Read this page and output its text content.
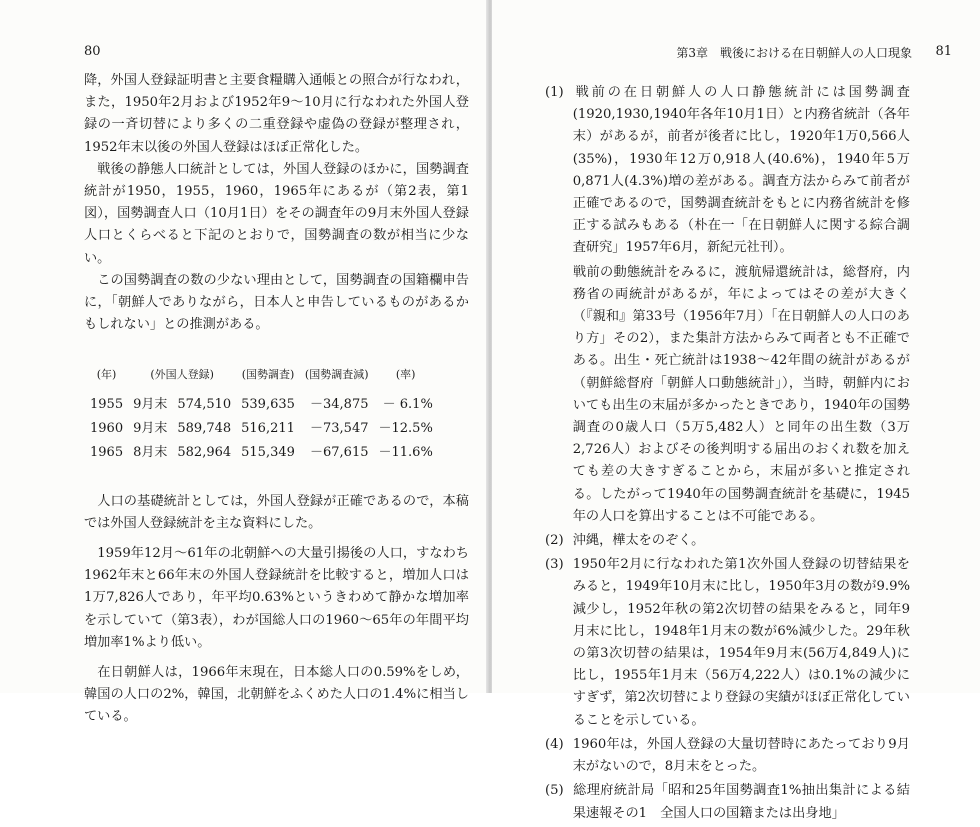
80

降，外国人登録証明書と主要食糧購入通帳との照合が行なわれ，また，1950年2月および1952年9～10月に行なわれた外国人登録の一斉切替により多くの二重登録や虚偽の登録が整理され，1952年末以後の外国人登録はほぼ正常化した。

戦後の静態人口統計としては，外国人登録のほかに，国勢調査統計が1950，1955，1960，1965年にあるが（第2表，第1図），国勢調査人口（10月1日）をその調査年の9月末外国人登録人口とくらべると下記のとおりで，国勢調査の数が相当に少ない。

この国勢調査の数の少ない理由として，国勢調査の国籍欄申告に，「朝鮮人でありながら，日本人と申告しているものがあるかもしれない」との推測がある。

(年)	(外国人登録)		(国勢調査)	(国勢調査減)	(率)
1955	9月末	574,510	539,635	－34,875	－ 6.1%
1960	9月末	589,748	516,211	－73,547	－12.5%
1965	8月末	582,964	515,349	－67,615	－11.6%

人口の基礎統計としては，外国人登録が正確であるので，本稿では外国人登録統計を主な資料にした。

1959年12月～61年の北朝鮮への大量引揚後の人口，すなわち1962年末と66年末の外国人登録統計を比較すると，増加人口は1万7,826人であり，年平均0.63%というきわめて静かな増加率を示していて（第3表），わが国総人口の1960～65年の年間平均増加率1%より低い。

在日朝鮮人は，1966年末現在，日本総人口の0.59%をしめ，韓国の人口の2%，韓国，北朝鮮をふくめた人口の1.4%に相当している。

第3章　戦後における在日朝鮮人の人口現象 81

(1) 戦前の在日朝鮮人の人口静態統計には国勢調査(1920,1930,1940年各年10月1日）と内務省統計（各年末）があるが，前者が後者に比し，1920年1万0,566人(35%)，1930年12万0,918人(40.6%)，1940年5万0,871人(4.3%)増の差がある。調査方法からみて前者が正確であるので，国勢調査統計をもとに内務省統計を修正する試みもある（朴在一「在日朝鮮人に関する綜合調査研究」1957年6月，新紀元社刊）。

戦前の動態統計をみるに，渡航帰還統計は，総督府，内務省の両統計があるが，年によってはその差が大きく（『親和』第33号（1956年7月）「在日朝鮮人の人口のあり方」その2），また集計方法からみて両者とも不正確である。出生・死亡統計は1938～42年間の統計があるが（朝鮮総督府「朝鮮人口動態統計」），当時，朝鮮内においても出生の末届が多かったときであり，1940年の国勢調査の0歳人口（5万5,482人）と同年の出生数（3万2,726人）およびその後判明する届出のおくれ数を加えても差の大きすぎることから，末届が多いと推定される。したがって1940年の国勢調査統計を基礎に，1945年の人口を算出することは不可能である。

(2) 沖縄，樺太をのぞく。

(3) 1950年2月に行なわれた第1次外国人登録の切替結果をみると，1949年10月末に比し，1950年3月の数が9.9%減少し，1952年秋の第2次切替の結果をみると，同年9月末に比し，1948年1月末の数が6%減少した。29年秋の第3次切替の結果は，1954年9月末(56万4,849人)に比し，1955年1月末（56万4,222人）は0.1%の減少にすぎず，第2次切替により登録の実績がほぼ正常化していることを示している。

(4) 1960年は，外国人登録の大量切替時にあたっており9月末がないので，8月末をとった。

(5) 総理府統計局「昭和25年国勢調査1%抽出集計による結果速報その1　全国人口の国籍または出身地」
